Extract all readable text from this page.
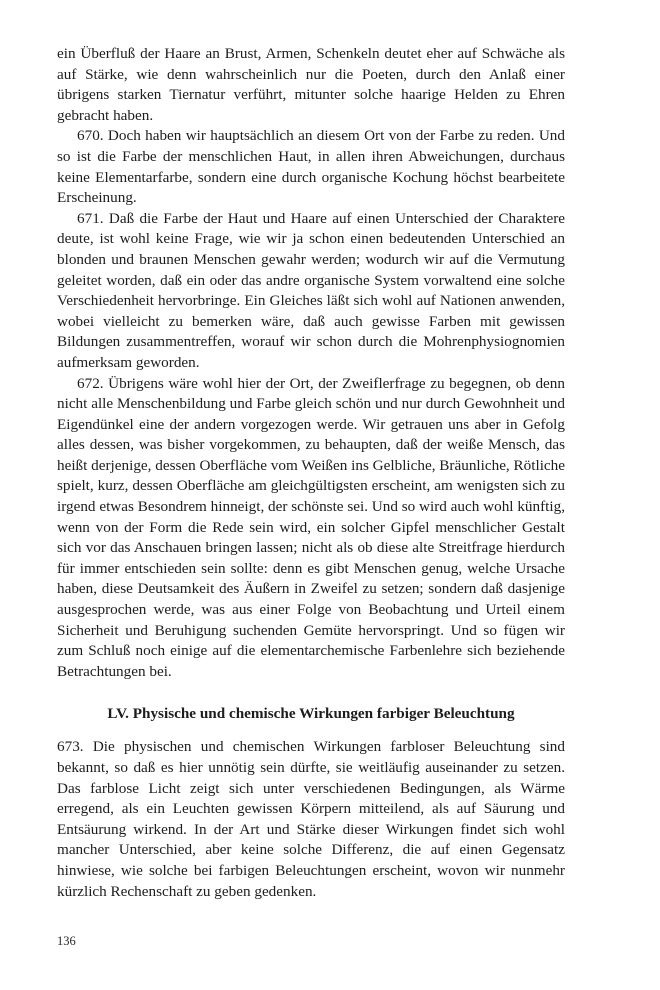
ein Überfluß der Haare an Brust, Armen, Schenkeln deutet eher auf Schwäche als auf Stärke, wie denn wahrscheinlich nur die Poeten, durch den Anlaß einer übrigens starken Tiernatur verführt, mitunter solche haarige Helden zu Ehren gebracht haben.

670. Doch haben wir hauptsächlich an diesem Ort von der Farbe zu reden. Und so ist die Farbe der menschlichen Haut, in allen ihren Abweichungen, durchaus keine Elementarfarbe, sondern eine durch organische Kochung höchst bearbeitete Erscheinung.

671. Daß die Farbe der Haut und Haare auf einen Unterschied der Charaktere deute, ist wohl keine Frage, wie wir ja schon einen bedeutenden Unterschied an blonden und braunen Menschen gewahr werden; wodurch wir auf die Vermutung geleitet worden, daß ein oder das andre organische System vorwaltend eine solche Verschiedenheit hervorbringe. Ein Gleiches läßt sich wohl auf Nationen anwenden, wobei vielleicht zu bemerken wäre, daß auch gewisse Farben mit gewissen Bildungen zusammentreffen, worauf wir schon durch die Mohrenphysiognomien aufmerksam geworden.

672. Übrigens wäre wohl hier der Ort, der Zweiflerfrage zu begegnen, ob denn nicht alle Menschenbildung und Farbe gleich schön und nur durch Gewohnheit und Eigendünkel eine der andern vorgezogen werde. Wir getrauen uns aber in Gefolg alles dessen, was bisher vorgekommen, zu behaupten, daß der weiße Mensch, das heißt derjenige, dessen Oberfläche vom Weißen ins Gelbliche, Bräunliche, Rötliche spielt, kurz, dessen Oberfläche am gleichgültigsten erscheint, am wenigsten sich zu irgend etwas Besondrem hinneigt, der schönste sei. Und so wird auch wohl künftig, wenn von der Form die Rede sein wird, ein solcher Gipfel menschlicher Gestalt sich vor das Anschauen bringen lassen; nicht als ob diese alte Streitfrage hierdurch für immer entschieden sein sollte: denn es gibt Menschen genug, welche Ursache haben, diese Deutsamkeit des Äußern in Zweifel zu setzen; sondern daß dasjenige ausgesprochen werde, was aus einer Folge von Beobachtung und Urteil einem Sicherheit und Beruhigung suchenden Gemüte hervorspringt. Und so fügen wir zum Schluß noch einige auf die elementarchemische Farbenlehre sich beziehende Betrachtungen bei.

LV. Physische und chemische Wirkungen farbiger Beleuchtung

673. Die physischen und chemischen Wirkungen farbloser Beleuchtung sind bekannt, so daß es hier unnötig sein dürfte, sie weitläufig auseinander zu setzen. Das farblose Licht zeigt sich unter verschiedenen Bedingungen, als Wärme erregend, als ein Leuchten gewissen Körpern mitteilend, als auf Säurung und Entsäurung wirkend. In der Art und Stärke dieser Wirkungen findet sich wohl mancher Unterschied, aber keine solche Differenz, die auf einen Gegensatz hinwiese, wie solche bei farbigen Beleuchtungen erscheint, wovon wir nunmehr kürzlich Rechenschaft zu geben gedenken.

136
